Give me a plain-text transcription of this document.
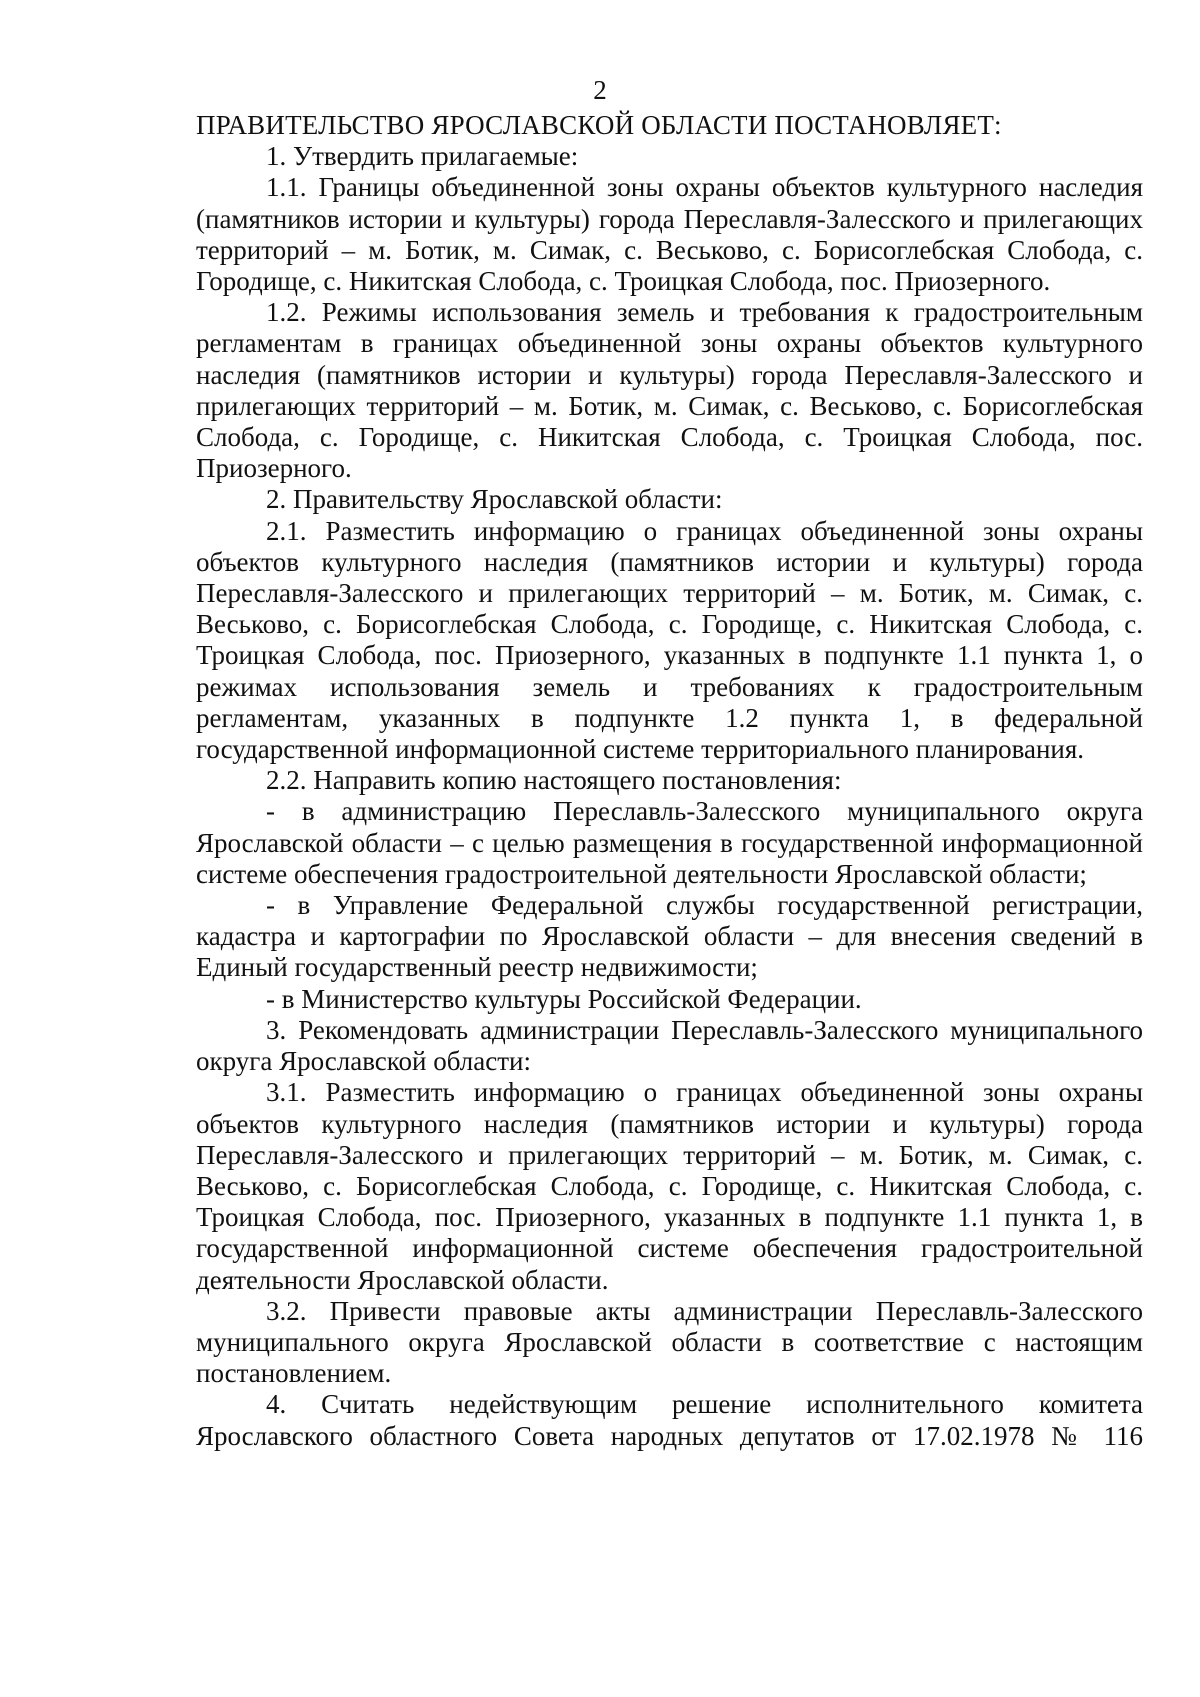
2

ПРАВИТЕЛЬСТВО ЯРОСЛАВСКОЙ ОБЛАСТИ ПОСТАНОВЛЯЕТ:

1. Утвердить прилагаемые:

1.1. Границы объединенной зоны охраны объектов культурного наследия (памятников истории и культуры) города Переславля-Залесского и прилегающих территорий – м. Ботик, м. Симак, с. Веськово, с. Борисоглебская Слобода, с. Городище, с. Никитская Слобода, с. Троицкая Слобода, пос. Приозерного.

1.2. Режимы использования земель и требования к градостроительным регламентам в границах объединенной зоны охраны объектов культурного наследия (памятников истории и культуры) города Переславля-Залесского и прилегающих территорий – м. Ботик, м. Симак, с. Веськово, с. Борисоглебская Слобода, с. Городище, с. Никитская Слобода, с. Троицкая Слобода, пос. Приозерного.

2. Правительству Ярославской области:

2.1. Разместить информацию о границах объединенной зоны охраны объектов культурного наследия (памятников истории и культуры) города Переславля-Залесского и прилегающих территорий – м. Ботик, м. Симак, с. Веськово, с. Борисоглебская Слобода, с. Городище, с. Никитская Слобода, с. Троицкая Слобода, пос. Приозерного, указанных в подпункте 1.1 пункта 1, о режимах использования земель и требованиях к градостроительным регламентам, указанных в подпункте 1.2 пункта 1, в федеральной государственной информационной системе территориального планирования.

2.2. Направить копию настоящего постановления:

- в администрацию Переславль-Залесского муниципального округа Ярославской области – с целью размещения в государственной информационной системе обеспечения градостроительной деятельности Ярославской области;

- в Управление Федеральной службы государственной регистрации, кадастра и картографии по Ярославской области – для внесения сведений в Единый государственный реестр недвижимости;

- в Министерство культуры Российской Федерации.

3. Рекомендовать администрации Переславль-Залесского муниципального округа Ярославской области:

3.1. Разместить информацию о границах объединенной зоны охраны объектов культурного наследия (памятников истории и культуры) города Переславля-Залесского и прилегающих территорий – м. Ботик, м. Симак, с. Веськово, с. Борисоглебская Слобода, с. Городище, с. Никитская Слобода, с. Троицкая Слобода, пос. Приозерного, указанных в подпункте 1.1 пункта 1, в государственной информационной системе обеспечения градостроительной деятельности Ярославской области.

3.2. Привести правовые акты администрации Переславль-Залесского муниципального округа Ярославской области в соответствие с настоящим постановлением.

4. Считать недействующим решение исполнительного комитета Ярославского областного Совета народных депутатов от 17.02.1978 № 116
